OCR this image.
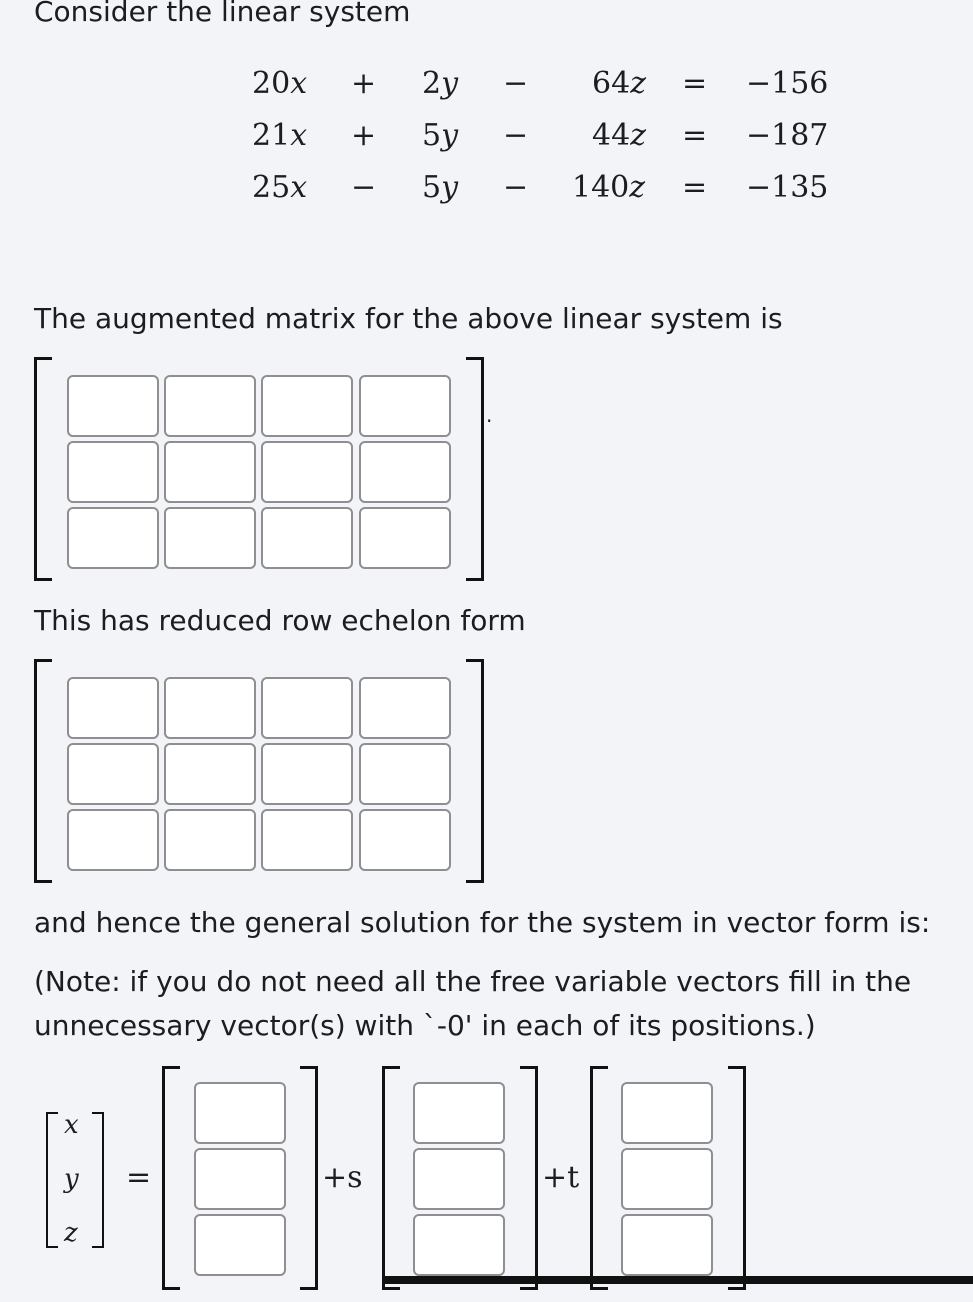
Consider the linear system
20x + 2y − 64z = −156
21x + 5y − 44z = −187
25x − 5y − 140z = −135
The augmented matrix for the above linear system is
.
This has reduced row echelon form
and hence the general solution for the system in vector form is:
(Note: if you do not need all the free variable vectors fill in the unnecessary vector(s) with `-0' in each of its positions.)
x
y
z
=	+s	+t
